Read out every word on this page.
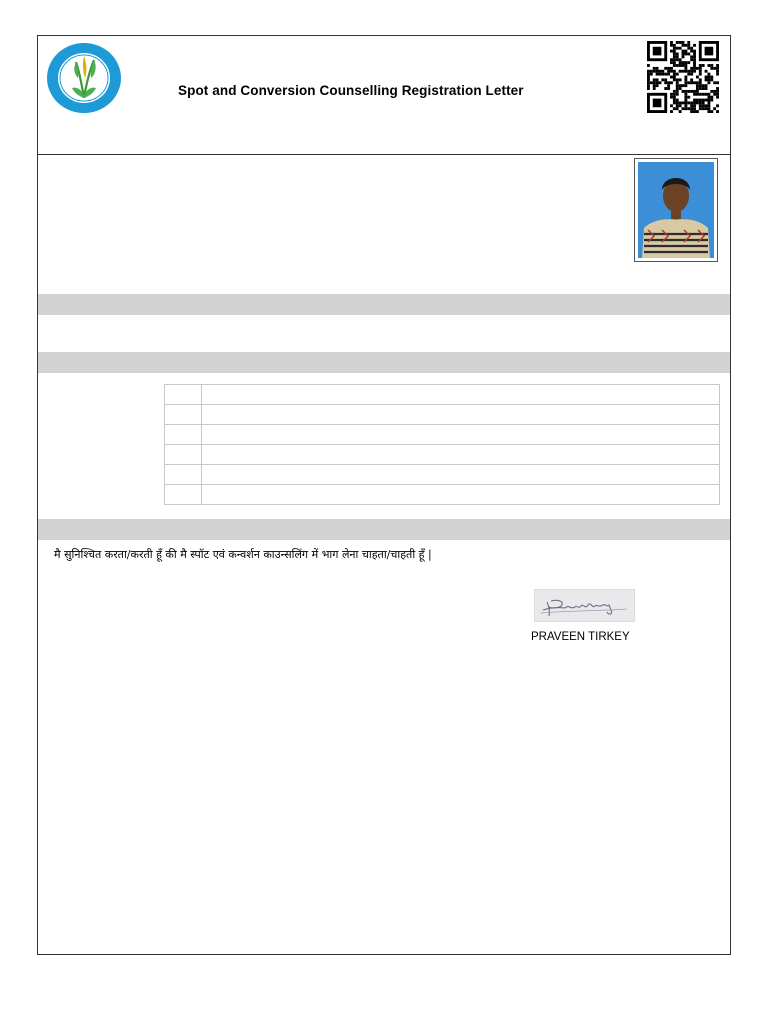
Spot and Conversion Counselling Registration Letter

मै सुनिश्चित करता/करती हूँ की मै स्पॉट एवं कन्वर्शन काउन्सलिंग में भाग लेना चाहता/चाहती हूँ |
PRAVEEN TIRKEY
